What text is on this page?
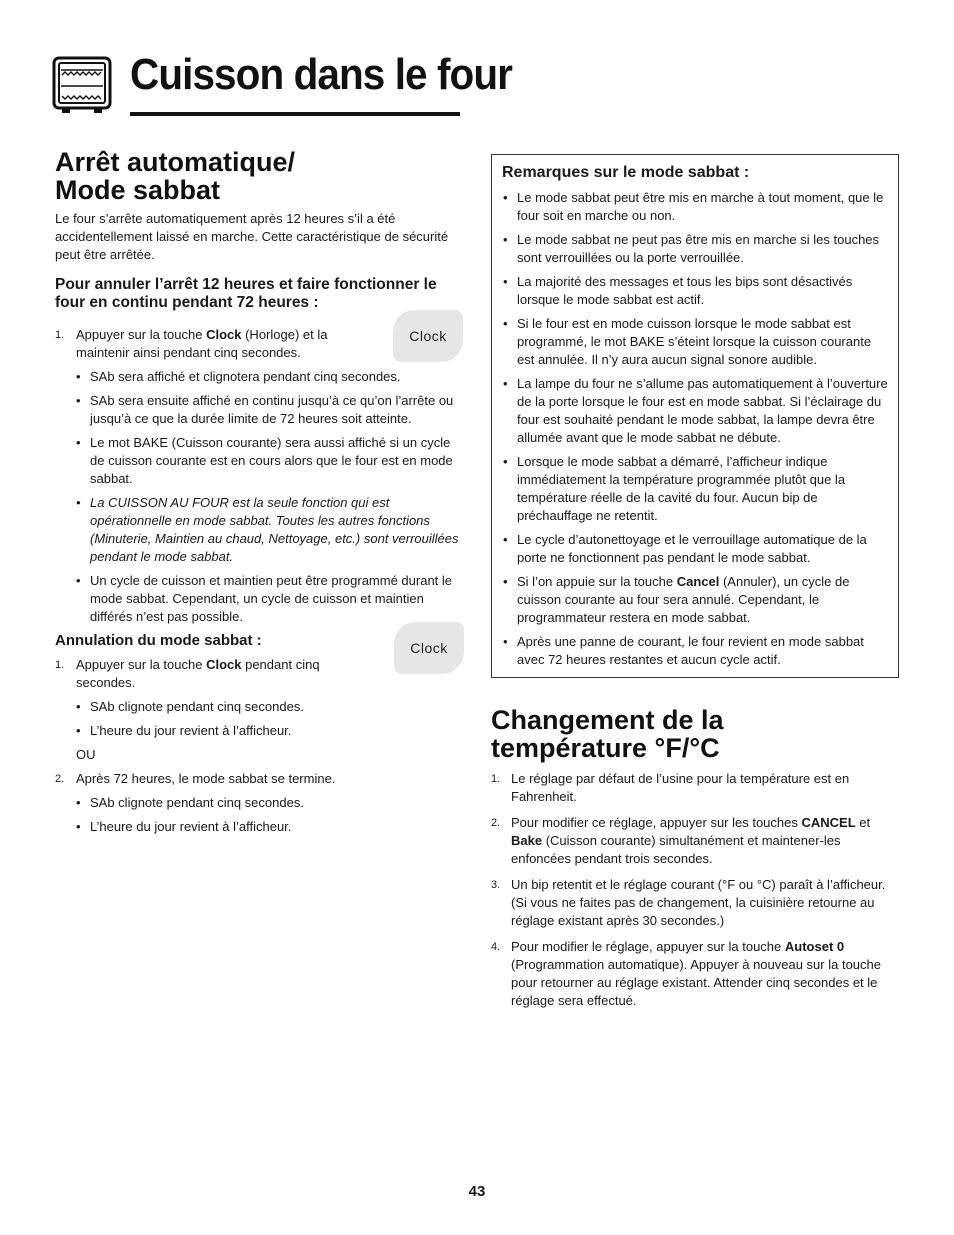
Cuisson dans le four
Arrêt automatique/
Mode sabbat

Le four s’arrête automatiquement après 12 heures s’il a été accidentellement laissé en marche. Cette caractéristique de sécurité peut être arrêtée.

Pour annuler l’arrêt 12 heures et faire fonctionner le four en continu pendant 72 heures :
1. Appuyer sur la touche Clock (Horloge) et la maintenir ainsi pendant cinq secondes.
Clock
• SAb sera affiché et clignotera pendant cinq secondes.
• SAb sera ensuite affiché en continu jusqu’à ce qu’on l’arrête ou jusqu’à ce que la durée limite de 72 heures soit atteinte.
• Le mot BAKE (Cuisson courante) sera aussi affiché si un cycle de cuisson courante est en cours alors que le four est en mode sabbat.
• La CUISSON AU FOUR est la seule fonction qui est opérationnelle en mode sabbat. Toutes les autres fonctions (Minuterie, Maintien au chaud, Nettoyage, etc.) sont verrouillées pendant le mode sabbat.
• Un cycle de cuisson et maintien peut être programmé durant le mode sabbat. Cependant, un cycle de cuisson et maintien différés n’est pas possible.
Annulation du mode sabbat :
1. Appuyer sur la touche Clock pendant cinq secondes.
Clock
• SAb clignote pendant cinq secondes.
• L’heure du jour revient à l’afficheur.
OU
2. Après 72 heures, le mode sabbat se termine.
• SAb clignote pendant cinq secondes.
• L’heure du jour revient à l’afficheur.
Remarques sur le mode sabbat :
• Le mode sabbat peut être mis en marche à tout moment, que le four soit en marche ou non.
• Le mode sabbat ne peut pas être mis en marche si les touches sont verrouillées ou la porte verrouillée.
• La majorité des messages et tous les bips sont désactivés lorsque le mode sabbat est actif.
• Si le four est en mode cuisson lorsque le mode sabbat est programmé, le mot BAKE s’éteint lorsque la cuisson courante est annulée. Il n’y aura aucun signal sonore audible.
• La lampe du four ne s’allume pas automatiquement à l’ouverture de la porte lorsque le four est en mode sabbat. Si l’éclairage du four est souhaité pendant le mode sabbat, la lampe devra être allumée avant que le mode sabbat ne débute.
• Lorsque le mode sabbat a démarré, l’afficheur indique immédiatement la température programmée plutôt que la température réelle de la cavité du four. Aucun bip de préchauffage ne retentit.
• Le cycle d’autonettoyage et le verrouillage automatique de la porte ne fonctionnent pas pendant le mode sabbat.
• Si l’on appuie sur la touche Cancel (Annuler), un cycle de cuisson courante au four sera annulé. Cependant, le programmateur restera en mode sabbat.
• Après une panne de courant, le four revient en mode sabbat avec 72 heures restantes et aucun cycle actif.
Changement de la
température °F/°C
1. Le réglage par défaut de l’usine pour la température est en Fahrenheit.
2. Pour modifier ce réglage, appuyer sur les touches CANCEL et Bake (Cuisson courante) simultanément et maintener-les enfoncées pendant trois secondes.
3. Un bip retentit et le réglage courant (°F ou °C) paraît à l’afficheur. (Si vous ne faites pas de changement, la cuisinière retourne au réglage existant après 30 secondes.)
4. Pour modifier le réglage, appuyer sur la touche Autoset 0 (Programmation automatique). Appuyer à nouveau sur la touche pour retourner au réglage existant. Attender cinq secondes et le réglage sera effectué.
43
